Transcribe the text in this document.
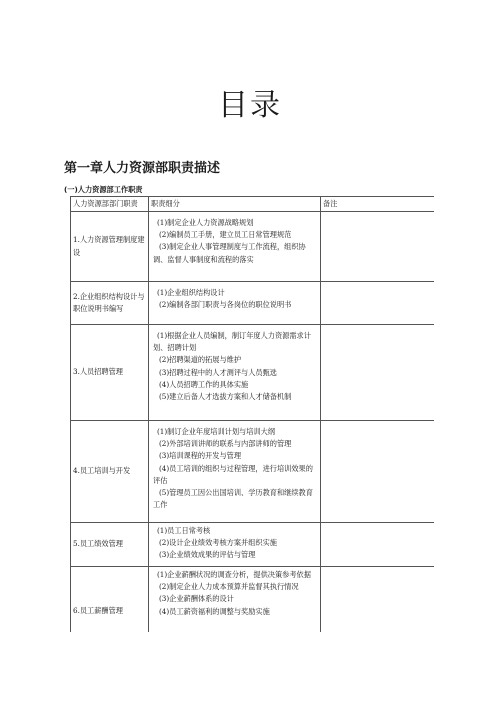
目录
第一章人力资源部职责描述
(一)人力资源部工作职责
人力资源部部门职责	职责细分	备注
1.人力资源管理制度建设	(1)制定企业人力资源战略规划
(2)编制员工手册，建立员工日常管理规范
(3)制定企业人事管理制度与工作流程，组织协调、监督人事制度和流程的落实	

2.企业组织结构设计与职位说明书编写	(1)企业组织结构设计
(2)编制各部门职责与各岗位的职位说明书	

3.人员招聘管理	(1)根据企业人员编制，制订年度人力资源需求计划、招聘计划
(2)招聘渠道的拓展与维护
(3)招聘过程中的人才测评与人员甄选
(4)人员招聘工作的具体实施
(5)建立后备人才选拔方案和人才储备机制	

4.员工培训与开发	(1)制订企业年度培训计划与培训大纲
(2)外部培训讲师的联系与内部讲师的管理
(3)培训课程的开发与管理
(4)员工培训的组织与过程管理，进行培训效果的评估
(5)管理员工因公出国培训、学历教育和继续教育工作	

5.员工绩效管理	(1)员工日常考核
(2)设计企业绩效考核方案并组织实施
(3)企业绩效成果的评估与管理	

6.员工薪酬管理	(1)企业薪酬状况的调查分析，提供决策参考依据
(2)制定企业人力成本预算并监督其执行情况
(3)企业薪酬体系的设计
(4)员工薪资福利的调整与奖励实施	
